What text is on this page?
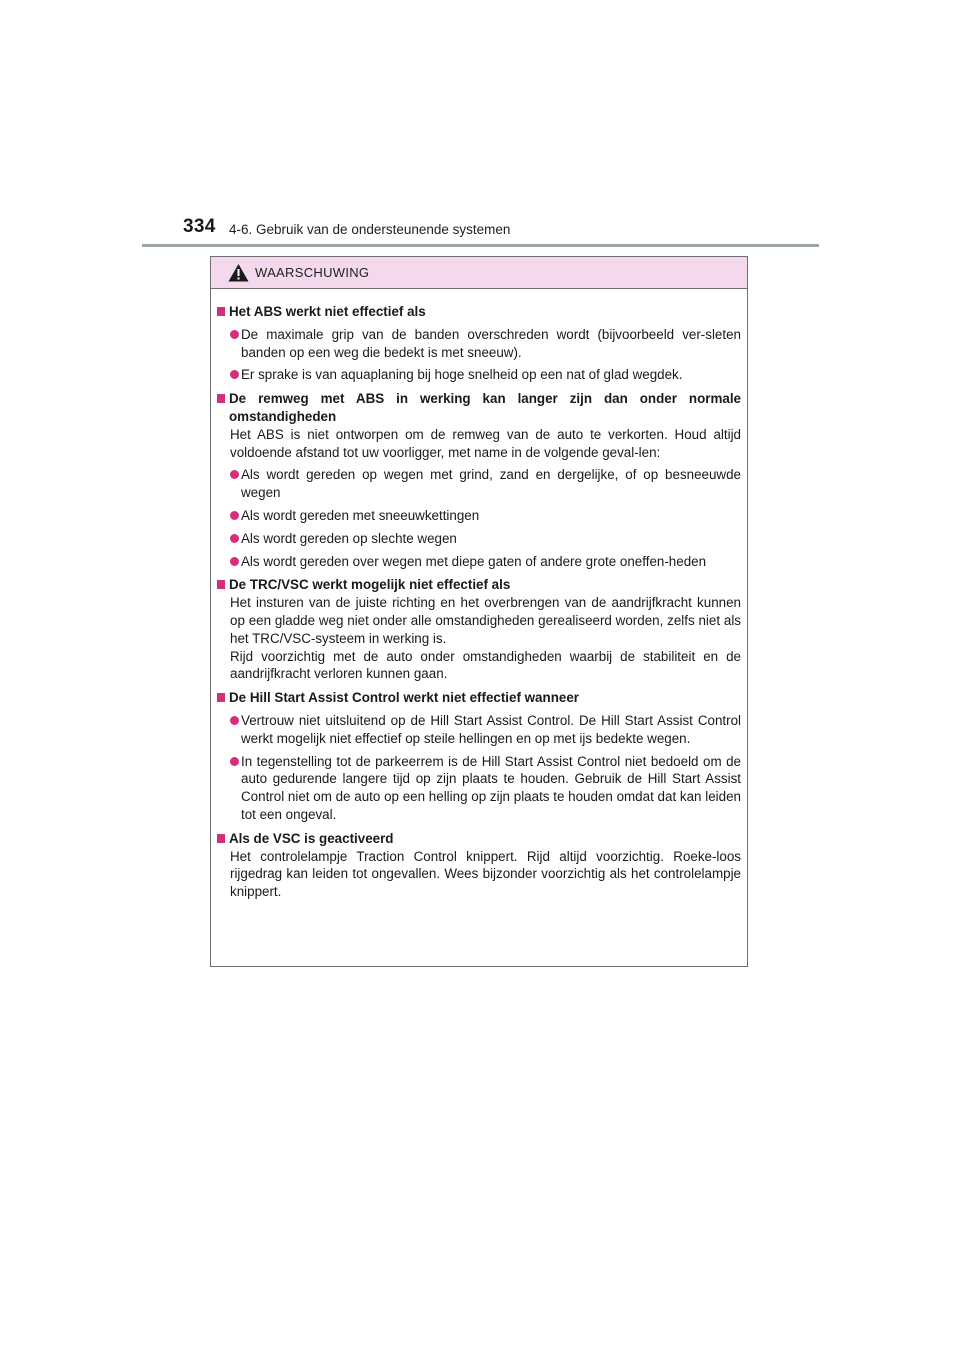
334 4-6. Gebruik van de ondersteunende systemen
WAARSCHUWING
Het ABS werkt niet effectief als
De maximale grip van de banden overschreden wordt (bijvoorbeeld ver-sleten banden op een weg die bedekt is met sneeuw).
Er sprake is van aquaplaning bij hoge snelheid op een nat of glad wegdek.
De remweg met ABS in werking kan langer zijn dan onder normale omstandigheden
Het ABS is niet ontworpen om de remweg van de auto te verkorten. Houd altijd voldoende afstand tot uw voorligger, met name in de volgende geval-len:
Als wordt gereden op wegen met grind, zand en dergelijke, of op besneeuwde wegen
Als wordt gereden met sneeuwkettingen
Als wordt gereden op slechte wegen
Als wordt gereden over wegen met diepe gaten of andere grote oneffen-heden
De TRC/VSC werkt mogelijk niet effectief als
Het insturen van de juiste richting en het overbrengen van de aandrijfkracht kunnen op een gladde weg niet onder alle omstandigheden gerealiseerd worden, zelfs niet als het TRC/VSC-systeem in werking is.
Rijd voorzichtig met de auto onder omstandigheden waarbij de stabiliteit en de aandrijfkracht verloren kunnen gaan.
De Hill Start Assist Control werkt niet effectief wanneer
Vertrouw niet uitsluitend op de Hill Start Assist Control. De Hill Start Assist Control werkt mogelijk niet effectief op steile hellingen en op met ijs bedekte wegen.
In tegenstelling tot de parkeerrem is de Hill Start Assist Control niet bedoeld om de auto gedurende langere tijd op zijn plaats te houden. Gebruik de Hill Start Assist Control niet om de auto op een helling op zijn plaats te houden omdat dat kan leiden tot een ongeval.
Als de VSC is geactiveerd
Het controlelampje Traction Control knippert. Rijd altijd voorzichtig. Roeke-loos rijgedrag kan leiden tot ongevallen. Wees bijzonder voorzichtig als het controlelampje knippert.
